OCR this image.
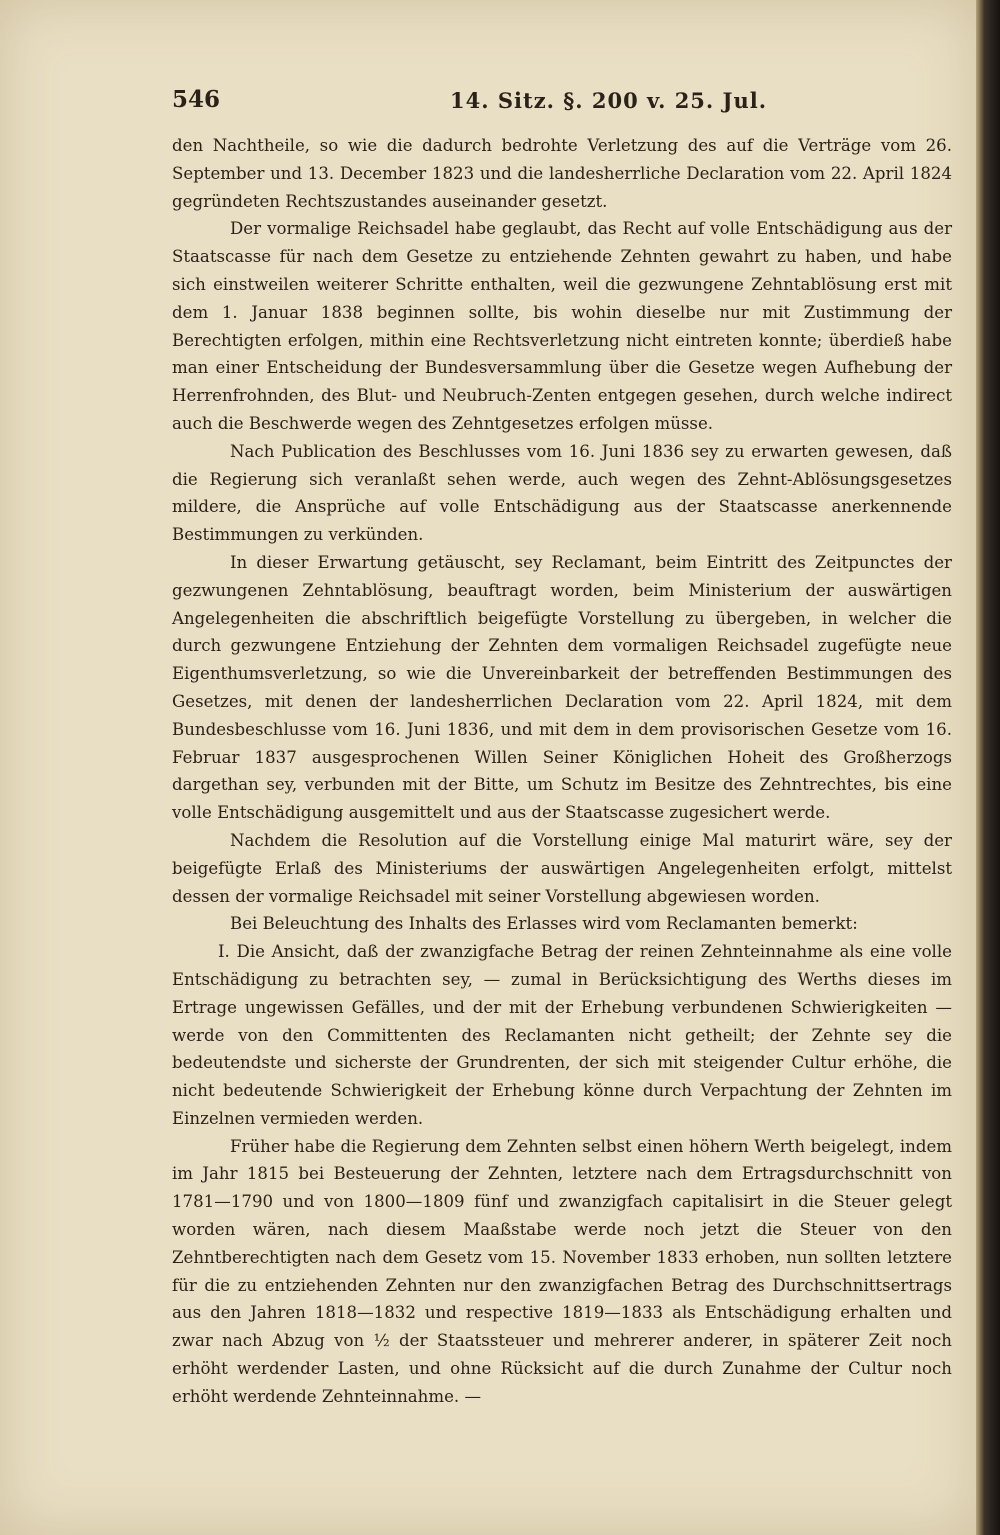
546	14. Sitz. §. 200 v. 25. Jul.

den Nachtheile, so wie die dadurch bedrohte Verletzung des auf die Verträge vom 26. September und 13. December 1823 und die landesherrliche Declaration vom 22. April 1824 gegründeten Rechtszustandes auseinander gesetzt.

Der vormalige Reichsadel habe geglaubt, das Recht auf volle Entschädigung aus der Staatscasse für nach dem Gesetze zu entziehende Zehnten gewahrt zu haben, und habe sich einstweilen weiterer Schritte enthalten, weil die gezwungene Zehntablösung erst mit dem 1. Januar 1838 beginnen sollte, bis wohin dieselbe nur mit Zustimmung der Berechtigten erfolgen, mithin eine Rechtsverletzung nicht eintreten konnte; überdieß habe man einer Entscheidung der Bundesversammlung über die Gesetze wegen Aufhebung der Herrenfrohnden, des Blut- und Neubruch-Zenten entgegen gesehen, durch welche indirect auch die Beschwerde wegen des Zehntgesetzes erfolgen müsse.

Nach Publication des Beschlusses vom 16. Juni 1836 sey zu erwarten gewesen, daß die Regierung sich veranlaßt sehen werde, auch wegen des Zehnt-Ablösungsgesetzes mildere, die Ansprüche auf volle Entschädigung aus der Staatscasse anerkennende Bestimmungen zu verkünden.

In dieser Erwartung getäuscht, sey Reclamant, beim Eintritt des Zeitpunctes der gezwungenen Zehntablösung, beauftragt worden, beim Ministerium der auswärtigen Angelegenheiten die abschriftlich beigefügte Vorstellung zu übergeben, in welcher die durch gezwungene Entziehung der Zehnten dem vormaligen Reichsadel zugefügte neue Eigenthumsverletzung, so wie die Unvereinbarkeit der betreffenden Bestimmungen des Gesetzes, mit denen der landesherrlichen Declaration vom 22. April 1824, mit dem Bundesbeschlusse vom 16. Juni 1836, und mit dem in dem provisorischen Gesetze vom 16. Februar 1837 ausgesprochenen Willen Seiner Königlichen Hoheit des Großherzogs dargethan sey, verbunden mit der Bitte, um Schutz im Besitze des Zehntrechtes, bis eine volle Entschädigung ausgemittelt und aus der Staatscasse zugesichert werde.

Nachdem die Resolution auf die Vorstellung einige Mal maturirt wäre, sey der beigefügte Erlaß des Ministeriums der auswärtigen Angelegenheiten erfolgt, mittelst dessen der vormalige Reichsadel mit seiner Vorstellung abgewiesen worden.

Bei Beleuchtung des Inhalts des Erlasses wird vom Reclamanten bemerkt:

I. Die Ansicht, daß der zwanzigfache Betrag der reinen Zehnteinnahme als eine volle Entschädigung zu betrachten sey, — zumal in Berücksichtigung des Werths dieses im Ertrage ungewissen Gefälles, und der mit der Erhebung verbundenen Schwierigkeiten — werde von den Committenten des Reclamanten nicht getheilt; der Zehnte sey die bedeutendste und sicherste der Grundrenten, der sich mit steigender Cultur erhöhe, die nicht bedeutende Schwierigkeit der Erhebung könne durch Verpachtung der Zehnten im Einzelnen vermieden werden.

Früher habe die Regierung dem Zehnten selbst einen höhern Werth beigelegt, indem im Jahr 1815 bei Besteuerung der Zehnten, letztere nach dem Ertragsdurchschnitt von 1781—1790 und von 1800—1809 fünf und zwanzigfach capitalisirt in die Steuer gelegt worden wären, nach diesem Maaßstabe werde noch jetzt die Steuer von den Zehntberechtigten nach dem Gesetz vom 15. November 1833 erhoben, nun sollten letztere für die zu entziehenden Zehnten nur den zwanzigfachen Betrag des Durchschnittsertrags aus den Jahren 1818—1832 und respective 1819—1833 als Entschädigung erhalten und zwar nach Abzug von ½ der Staatssteuer und mehrerer anderer, in späterer Zeit noch erhöht werdender Lasten, und ohne Rücksicht auf die durch Zunahme der Cultur noch erhöht werdende Zehnteinnahme. —
